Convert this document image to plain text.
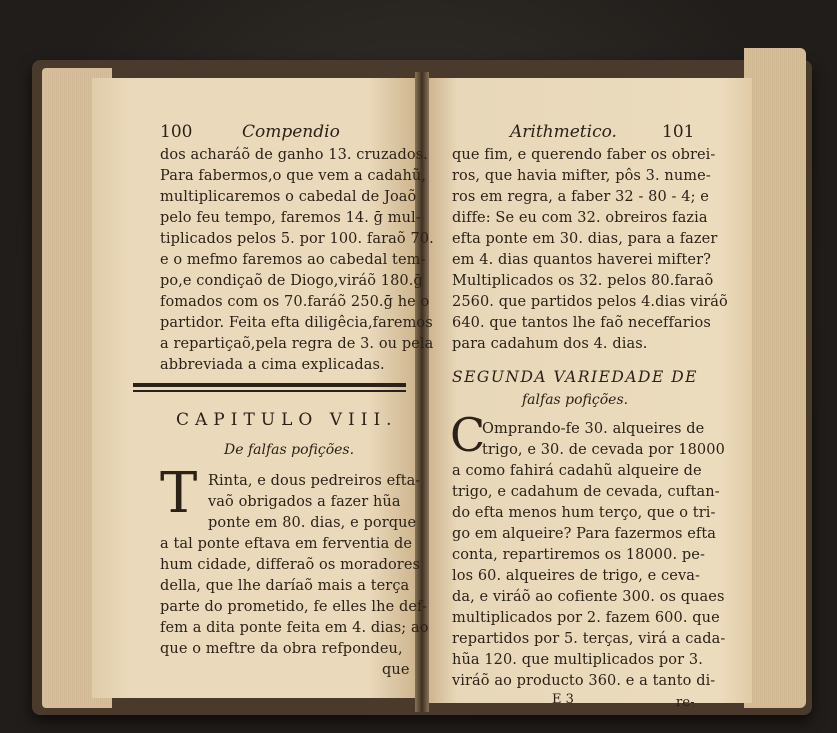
100	Compendio
dos acharáõ de ganho 13. cruzados.
Para fabermos,o que vem a cadahũ,
multiplicaremos o cabedal de Joaõ
pelo feu tempo, faremos 14. ḡ mul-
tiplicados pelos 5. por 100. faraõ 70.
e o mefmo faremos ao cabedal tem-
po,e condiçaõ de Diogo,viráõ 180.ḡ
fomados com os 70.faráõ 250.ḡ he o
partidor. Feita efta diligêcia,faremos
a repartiçaõ,pela regra de 3. ou pela
abbreviada a cima explicadas.
CAPITULO VIII.
De falfas pofições.
T Rinta, e dous pedreiros efta-
vaõ obrigados a fazer hũa
ponte em 80. dias, e porque
a tal ponte eftava em ferventia de
hum cidade, differaõ os moradores
della, que lhe daríaõ mais a terça
parte do prometido, fe elles lhe def-
fem a dita ponte feita em 4. dias; ao
que o meftre da obra refpondeu,
que
Arithmetico.	101
que fim, e querendo faber os obrei-
ros, que havia mifter, pôs 3. nume-
ros em regra, a faber 32 - 80 - 4; e
diffe: Se eu com 32. obreiros fazia
efta ponte em 30. dias, para a fazer
em 4. dias quantos haverei mifter?
Multiplicados os 32. pelos 80.faraõ
2560. que partidos pelos 4.dias viráõ
640. que tantos lhe faõ neceffarios
para cadahum dos 4. dias.
SEGUNDA VARIEDADE DE
falfas pofições.
C
Omprando-fe 30. alqueires de
trigo, e 30. de cevada por 18000
a como fahirá cadahũ alqueire de
trigo, e cadahum de cevada, cuftan-
do efta menos hum terço, que o tri-
go em alqueire? Para fazermos efta
conta, repartiremos os 18000. pe-
los 60. alqueires de trigo, e ceva-
da, e viráõ ao cofiente 300. os quaes
multiplicados por 2. fazem 600. que
repartidos por 5. terças, virá a cada-
hũa 120. que multiplicados por 3.
viráõ ao producto 360. e a tanto di-
E 3	re-
